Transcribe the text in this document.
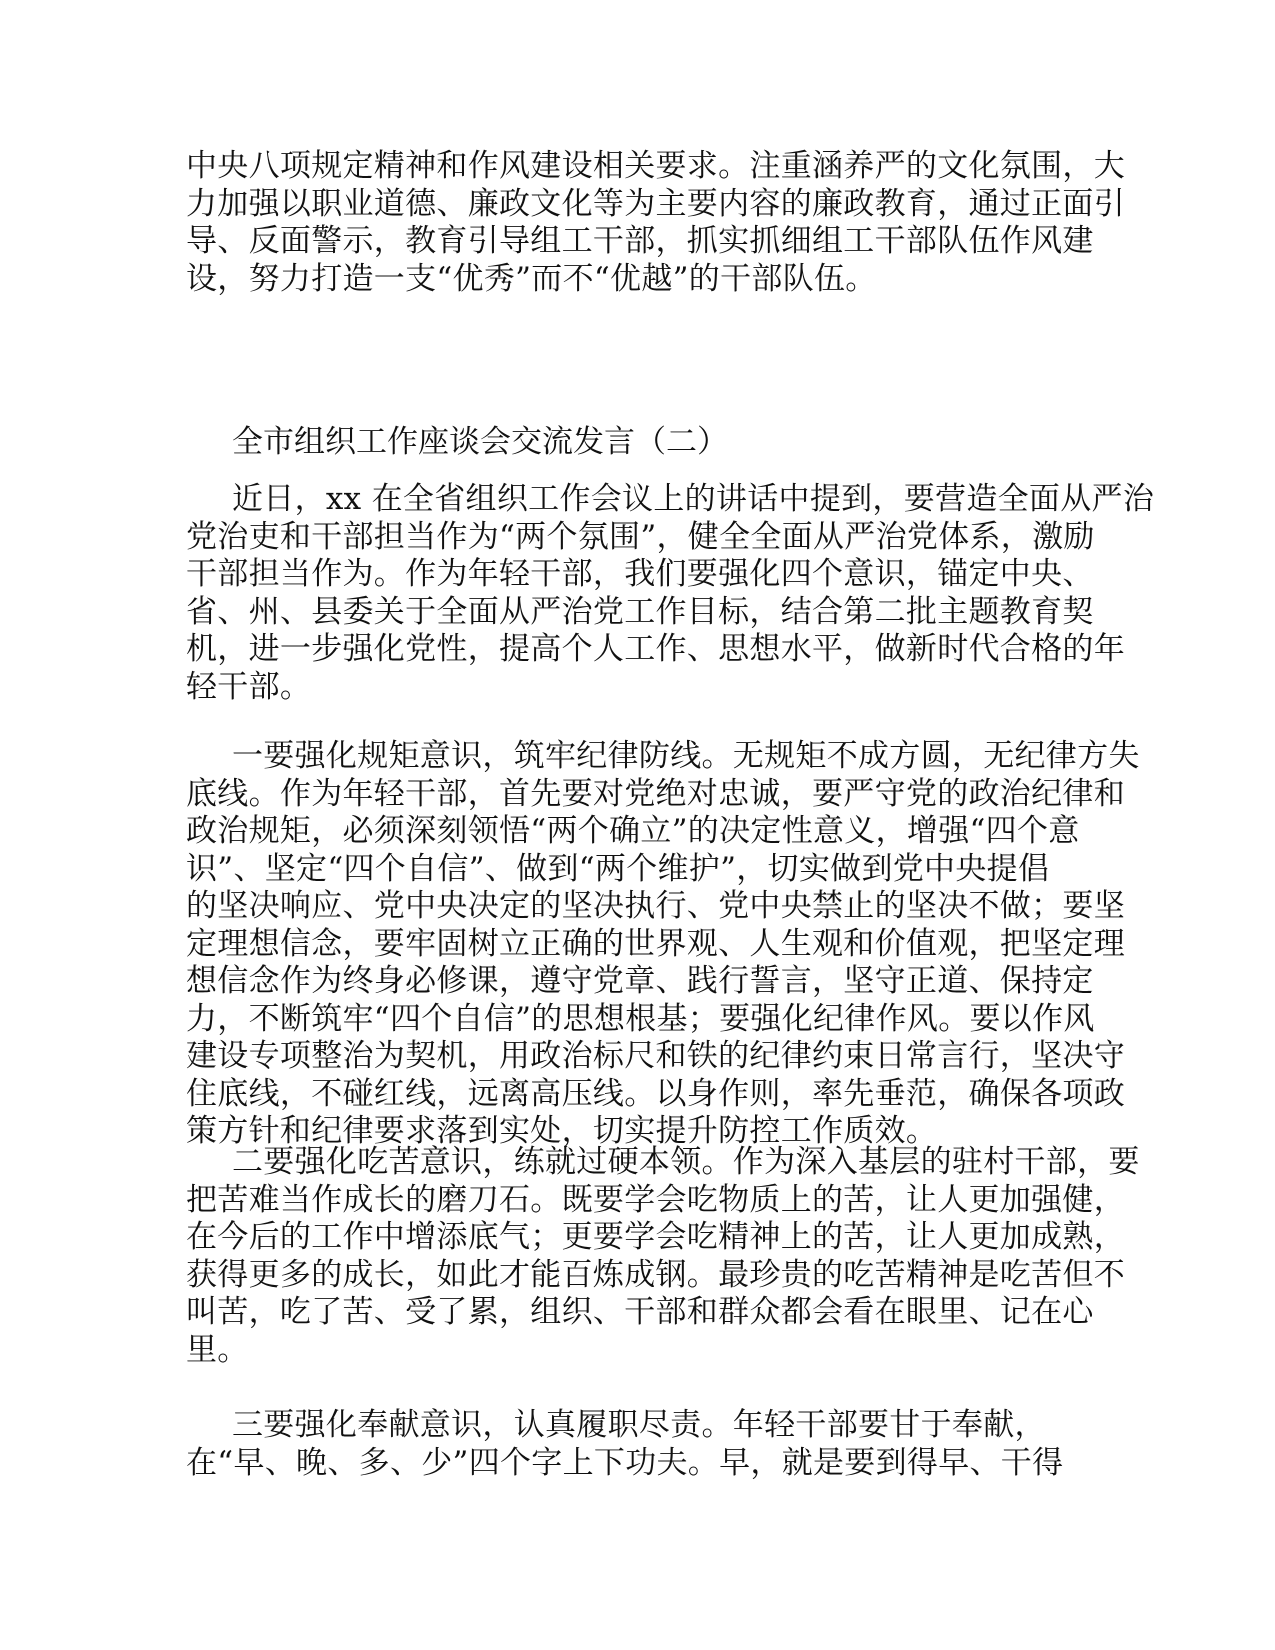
中央八项规定精神和作风建设相关要求。注重涵养严的文化氛围，大
力加强以职业道德、廉政文化等为主要内容的廉政教育，通过正面引
导、反面警示，教育引导组工干部，抓实抓细组工干部队伍作风建
设，努力打造一支“优秀”而不“优越”的干部队伍。
全市组织工作座谈会交流发言（二）
近日，xx 在全省组织工作会议上的讲话中提到，要营造全面从严治
党治吏和干部担当作为“两个氛围”，健全全面从严治党体系，激励
干部担当作为。作为年轻干部，我们要强化四个意识，锚定中央、
省、州、县委关于全面从严治党工作目标，结合第二批主题教育契
机，进一步强化党性，提高个人工作、思想水平，做新时代合格的年
轻干部。
一要强化规矩意识，筑牢纪律防线。无规矩不成方圆，无纪律方失
底线。作为年轻干部，首先要对党绝对忠诚，要严守党的政治纪律和
政治规矩，必须深刻领悟“两个确立”的决定性意义，增强“四个意
识”、坚定“四个自信”、做到“两个维护”，切实做到党中央提倡
的坚决响应、党中央决定的坚决执行、党中央禁止的坚决不做；要坚
定理想信念，要牢固树立正确的世界观、人生观和价值观，把坚定理
想信念作为终身必修课，遵守党章、践行誓言，坚守正道、保持定
力，不断筑牢“四个自信”的思想根基；要强化纪律作风。要以作风
建设专项整治为契机，用政治标尺和铁的纪律约束日常言行，坚决守
住底线，不碰红线，远离高压线。以身作则，率先垂范，确保各项政
策方针和纪律要求落到实处，切实提升防控工作质效。
二要强化吃苦意识，练就过硬本领。作为深入基层的驻村干部，要
把苦难当作成长的磨刀石。既要学会吃物质上的苦，让人更加强健，
在今后的工作中增添底气；更要学会吃精神上的苦，让人更加成熟，
获得更多的成长，如此才能百炼成钢。最珍贵的吃苦精神是吃苦但不
叫苦，吃了苦、受了累，组织、干部和群众都会看在眼里、记在心
里。
三要强化奉献意识，认真履职尽责。年轻干部要甘于奉献，
在“早、晚、多、少”四个字上下功夫。早，就是要到得早、干得
